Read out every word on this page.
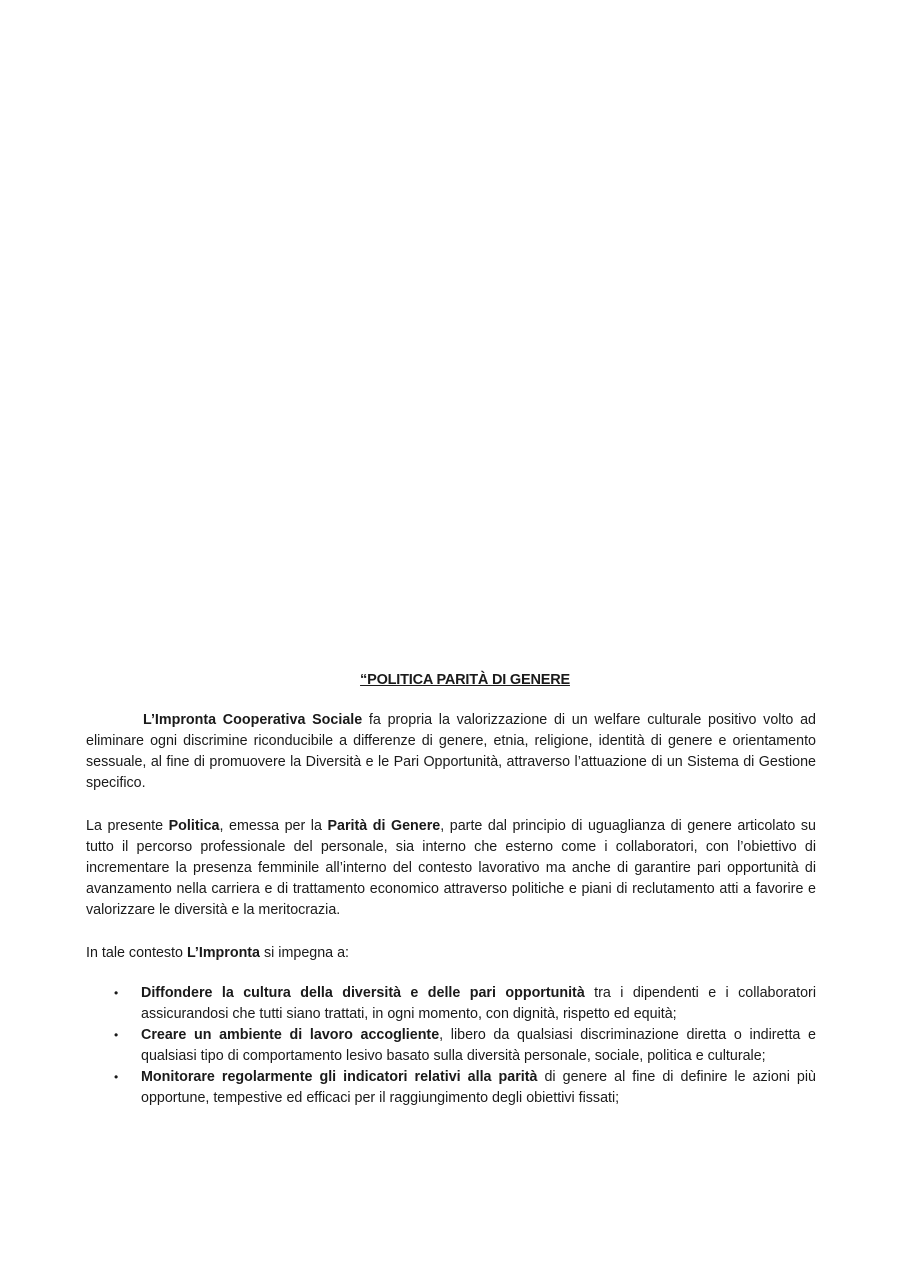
“POLITICA PARITÀ DI GENERE

L’Impronta Cooperativa Sociale fa propria la valorizzazione di un welfare culturale positivo volto ad eliminare ogni discrimine riconducibile a differenze di genere, etnia, religione, identità di genere e orientamento sessuale, al fine di promuovere la Diversità e le Pari Opportunità, attraverso l’attuazione di un Sistema di Gestione specifico.

La presente Politica, emessa per la Parità di Genere, parte dal principio di uguaglianza di genere articolato su tutto il percorso professionale del personale, sia interno che esterno come i collaboratori, con l’obiettivo di incrementare la presenza femminile all’interno del contesto lavorativo ma anche di garantire pari opportunità di avanzamento nella carriera e di trattamento economico attraverso politiche e piani di reclutamento atti a favorire e valorizzare le diversità e la meritocrazia.

In tale contesto L’Impronta si impegna a:

• Diffondere la cultura della diversità e delle pari opportunità tra i dipendenti e i collaboratori assicurandosi che tutti siano trattati, in ogni momento, con dignità, rispetto ed equità;
• Creare un ambiente di lavoro accogliente, libero da qualsiasi discriminazione diretta o indiretta e qualsiasi tipo di comportamento lesivo basato sulla diversità personale, sociale, politica e culturale;
• Monitorare regolarmente gli indicatori relativi alla parità di genere al fine di definire le azioni più opportune, tempestive ed efficaci per il raggiungimento degli obiettivi fissati;
